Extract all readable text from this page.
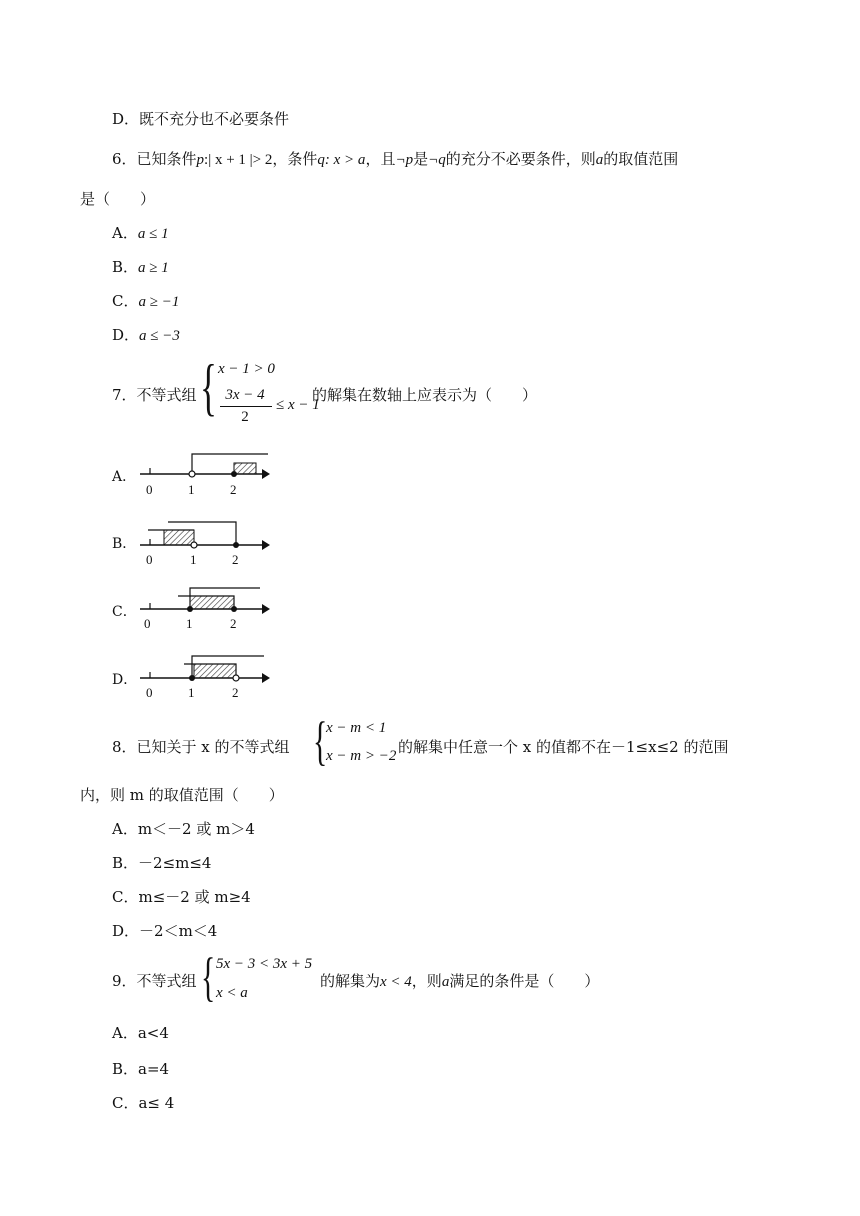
D．既不充分也不必要条件
6．已知条件p:| x + 1 |> 2，条件q: x > a，且¬p是¬q的充分不必要条件，则a的取值范围
是（　　）
A．a ≤ 1
B．a ≥ 1
C．a ≥ −1
D．a ≤ −3
7．不等式组 { x − 1 > 0
3x − 4
2
≤ x − 1
的解集在数轴上应表示为（　　）
A．
0	1	2
B．
0	1	2
C．
0	1	2
D．
0	1	2
8．已知关于 x 的不等式组 {
x − m < 1
x − m > −2 的解集中任意一个 x 的值都不在－1≤x≤2 的范围
内，则 m 的取值范围（　　）
A．m＜－2 或 m＞4
B．－2≤m≤4
C．m≤－2 或 m≥4
D．－2＜m＜4
9．不等式组 { 5x − 3 < 3x + 5
x < a
的解集为x < 4，则a满足的条件是（　　）
A．a<4
B．a=4
C．a≤ 4
